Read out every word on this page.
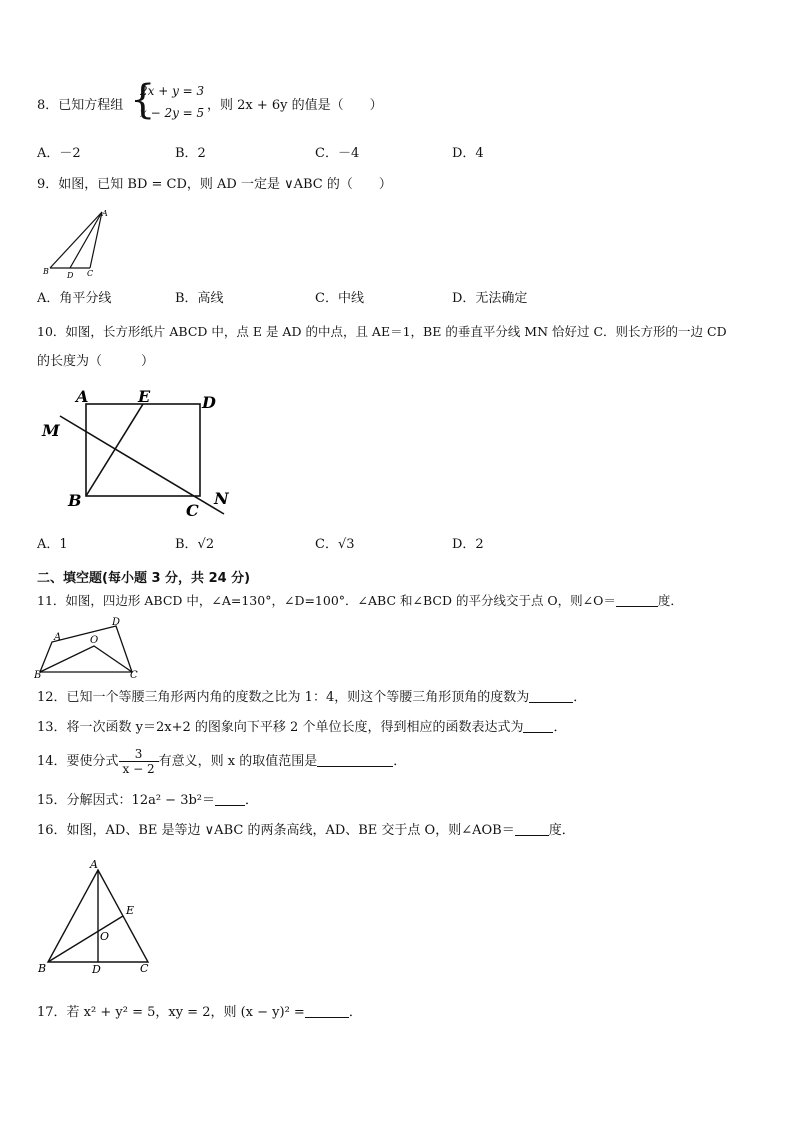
8．已知方程组 {
2x + y = 3
x − 2y = 5 ，则 2x + 6y 的值是（　　）
A．－2	B．2	C．－4	D．4
9．如图，已知 BD = CD，则 AD 一定是 ∨ABC 的（　　）
A
B D C
A．角平分线	B．高线	C．中线	D．无法确定
10．如图，长方形纸片 ABCD 中，点 E 是 AD 的中点，且 AE＝1，BE 的垂直平分线 MN 恰好过 C．则长方形的一边 CD
的长度为（　　　）
A	E	D
M
B
C
N
A．1	B．√2	C．√3	D．2
二、填空题(每小题 3 分，共 24 分)
11．如图，四边形 ABCD 中，∠A=130°，∠D=100°．∠ABC 和∠BCD 的平分线交于点 O，则∠O＝	度．
A
D
O
B	C
12．已知一个等腰三角形两内角的度数之比为 1：4，则这个等腰三角形顶角的度数为	．
13．将一次函数 y＝2x+2 的图象向下平移 2 个单位长度，得到相应的函数表达式为 ．
14．要使分式 $\frac{3}{x - 2}$ 有意义，则 x 的取值范围是	．
15．分解因式：12a² − 3b²＝ ．
16．如图，AD、BE 是等边 ∨ABC 的两条高线，AD、BE 交于点 O，则∠AOB＝	度．
A
E
O
B	D	C
17．若 x² + y² = 5，xy = 2，则 (x − y)² =	．
